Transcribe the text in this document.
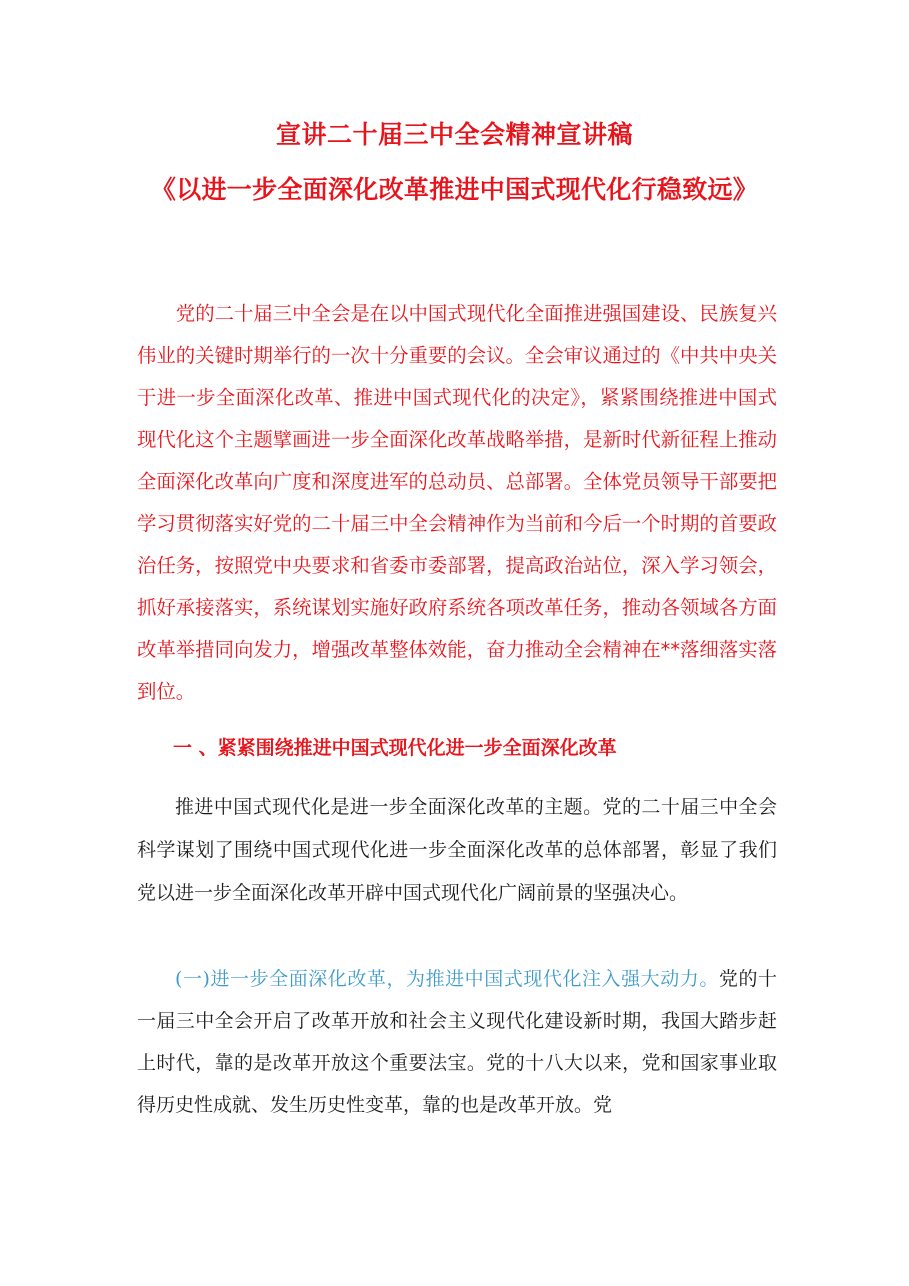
宣讲二十届三中全会精神宣讲稿
《以进一步全面深化改革推进中国式现代化行稳致远》

党的二十届三中全会是在以中国式现代化全面推进强国建设、民族复兴伟业的关键时期举行的一次十分重要的会议。全会审议通过的《中共中央关于进一步全面深化改革、推进中国式现代化的决定》，紧紧围绕推进中国式现代化这个主题擘画进一步全面深化改革战略举措，是新时代新征程上推动全面深化改革向广度和深度进军的总动员、总部署。全体党员领导干部要把学习贯彻落实好党的二十届三中全会精神作为当前和今后一个时期的首要政治任务，按照党中央要求和省委市委部署，提高政治站位，深入学习领会，抓好承接落实，系统谋划实施好政府系统各项改革任务，推动各领域各方面改革举措同向发力，增强改革整体效能，奋力推动全会精神在**落细落实落到位。

一 、紧紧围绕推进中国式现代化进一步全面深化改革

推进中国式现代化是进一步全面深化改革的主题。党的二十届三中全会科学谋划了围绕中国式现代化进一步全面深化改革的总体部署，彰显了我们党以进一步全面深化改革开辟中国式现代化广阔前景的坚强决心。

(一)进一步全面深化改革，为推进中国式现代化注入强大动力。党的十一届三中全会开启了改革开放和社会主义现代化建设新时期，我国大踏步赶上时代，靠的是改革开放这个重要法宝。党的十八大以来，党和国家事业取得历史性成就、发生历史性变革，靠的也是改革开放。党
